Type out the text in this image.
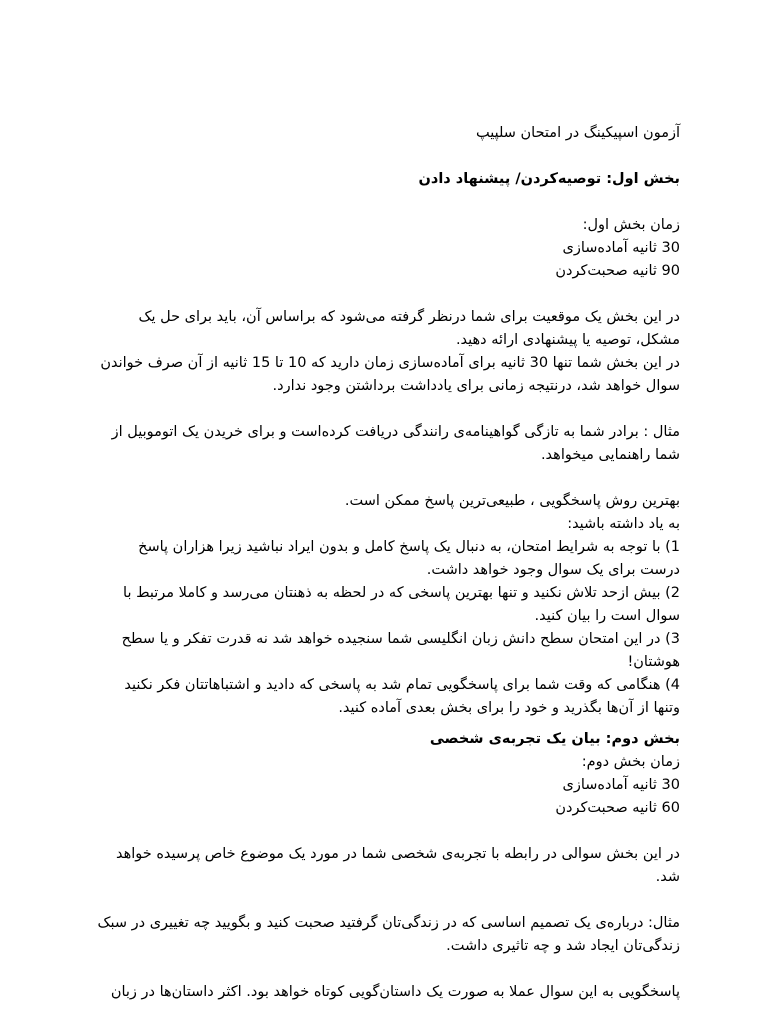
آزمون اسپیکینگ در امتحان سلپیپ

بخش اول: توصیه‌کردن/ پیشنهاد دادن

زمان بخش اول:

30 ثانیه آماده‌سازی

90 ثانیه صحبت‌کردن

در این بخش یک موقعیت برای شما درنظر گرفته می‌شود که براساس آن، باید برای حل یک مشکل، توصیه یا پیشنهادی ارائه دهید.

در این بخش شما تنها 30 ثانیه برای آماده‌سازی زمان دارید که 10 تا 15 ثانیه از آن صرف خواندن سوال خواهد شد، درنتیجه زمانی برای یادداشت برداشتن وجود ندارد.

مثال : برادر شما به تازگی گواهینامه‌ی رانندگی دریافت کرده‌است و برای خریدن یک اتوموبیل از شما راهنمایی میخواهد.

بهترین روش پاسخگویی ، طبیعی‌ترین پاسخ ممکن است.

به یاد داشته باشید:

1) با توجه به شرایط امتحان، به دنبال یک پاسخ کامل و بدون ایراد نباشید زیرا هزاران پاسخ درست برای یک سوال وجود خواهد داشت.

2) بیش ازحد تلاش نکنید و تنها بهترین پاسخی که در لحظه به ذهنتان می‌رسد و کاملا مرتبط با سوال است را بیان کنید.

3) در این امتحان سطح دانش زبان انگلیسی شما سنجیده خواهد شد نه قدرت تفکر و یا سطح هوشتان!

4) هنگامی که وقت شما برای پاسخگویی تمام شد به پاسخی که دادید و اشتباهاتتان فکر نکنید وتنها از آن‌ها بگذرید و خود را برای بخش بعدی آماده کنید.

بخش دوم: بیان یک تجربه‌ی شخصی

زمان بخش دوم:

30 ثانیه آماده‌سازی

60 ثانیه صحبت‌کردن

در این بخش سوالی در رابطه با تجربه‌ی شخصی شما در مورد یک موضوع خاص پرسیده خواهد شد.

مثال: درباره‌ی یک تصمیم اساسی که در زندگی‌تان گرفتید صحبت کنید و بگویید چه تغییری در سبک زندگی‌تان ایجاد شد و چه تاثیری داشت.

پاسخگویی به این سوال عملا به صورت یک داستان‌گویی کوتاه خواهد بود. اکثر داستان‌ها در زبان
